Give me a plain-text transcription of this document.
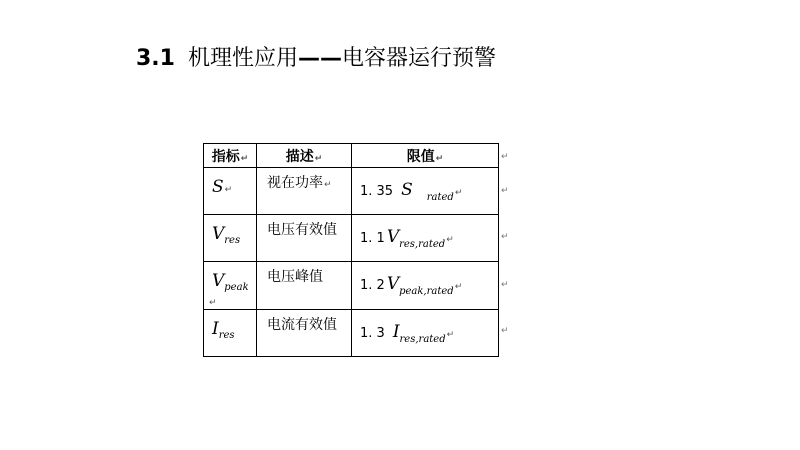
3.1 机理性应用——电容器运行预警
指标↵	描述↵	限值↵
S↵	视在功率↵	1. 35 S $_{rated}$↵
$V_{res}$	电压有效值	1. 1 $V_{res,rated}↵$
$V_{peak}↵$	电压峰值	1. 2 $V_{peak,rated}↵$
$I_{res}$	电流有效值	1. 3 $I_{res,rated}↵$
↵
↵
↵
↵
↵
